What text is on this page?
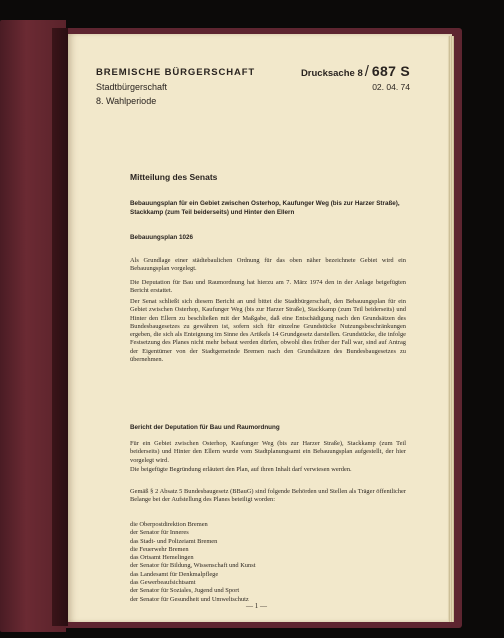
BREMISCHE BÜRGERSCHAFT
Stadtbürgerschaft
8. Wahlperiode
Drucksache 8 / 687 S
02. 04. 74
Mitteilung des Senats
Bebauungsplan für ein Gebiet zwischen Osterhop, Kaufunger Weg (bis zur Harzer Straße), Stackkamp (zum Teil beiderseits) und Hinter den Ellern
Bebauungsplan 1026
Als Grundlage einer städtebaulichen Ordnung für das oben näher bezeichnete Gebiet wird ein Bebauungsplan vorgelegt.
Die Deputation für Bau und Raumordnung hat hierzu am 7. März 1974 den in der Anlage beigefügten Bericht erstattet.
Der Senat schließt sich diesem Bericht an und bittet die Stadtbürgerschaft, den Bebauungsplan für ein Gebiet zwischen Osterhop, Kaufunger Weg (bis zur Harzer Straße), Stackkamp (zum Teil beiderseits) und Hinter den Ellern zu beschließen mit der Maßgabe, daß eine Entschädigung nach den Grundsätzen des Bundesbaugesetzes zu gewähren ist, sofern sich für einzelne Grundstücke Nutzungsbeschränkungen ergeben, die sich als Enteignung im Sinne des Artikels 14 Grundgesetz darstellen. Grundstücke, die infolge Festsetzung des Planes nicht mehr bebaut werden dürfen, obwohl dies früher der Fall war, sind auf Antrag der Eigentümer von der Stadtgemeinde Bremen nach den Grundsätzen des Bundesbaugesetzes zu übernehmen.
Bericht der Deputation für Bau und Raumordnung
Für ein Gebiet zwischen Osterhop, Kaufunger Weg (bis zur Harzer Straße), Stackkamp (zum Teil beiderseits) und Hinter den Ellern wurde vom Stadtplanungsamt ein Bebauungsplan aufgestellt, der hier vorgelegt wird.
Die beigefügte Begründung erläutert den Plan, auf ihren Inhalt darf verwiesen werden.
Gemäß § 2 Absatz 5 Bundesbaugesetz (BBauG) sind folgende Behörden und Stellen als Träger öffentlicher Belange bei der Aufstellung des Planes beteiligt worden:
die Oberpostdirektion Bremen
der Senator für Inneres
das Stadt- und Polizeiamt Bremen
die Feuerwehr Bremen
das Ortsamt Hemelingen
der Senator für Bildung, Wissenschaft und Kunst
das Landesamt für Denkmalpflege
das Gewerbeaufsichtsamt
der Senator für Soziales, Jugend und Sport
der Senator für Gesundheit und Umweltschutz
— 1 —
